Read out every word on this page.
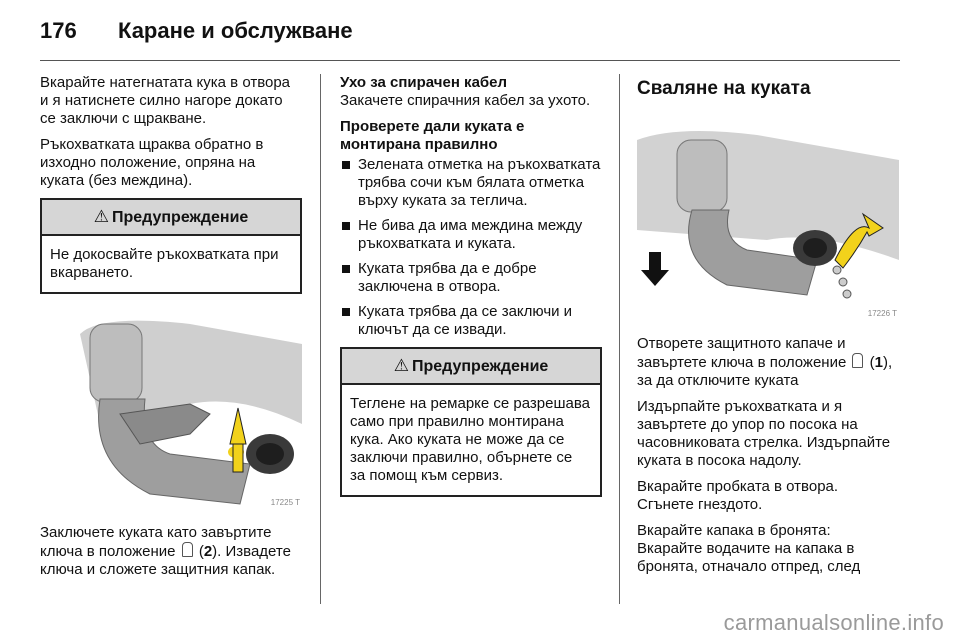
176 Каране и обслужване

Вкарайте натегнатата кука в отвора и я натиснете силно нагоре докато се заключи с щракване.

Ръкохватката щраква обратно в изходно положение, опряна на куката (без междина).

⚠ Предупреждение
Не докосвайте ръкохватката при вкарването.
17225 T

Заключете куката като завъртите ключа в положение  (2). Извадете ключа и сложете защитния капак.

Ухо за спирачен кабел

Закачете спирачния кабел за ухото.

Проверете дали куката е монтирана правилно

Зелената отметка на ръкохватката трябва сочи към бялата отметка върху куката за теглича.
Не бива да има междина между ръкохватката и куката.
Куката трябва да е добре заключена в отвора.
Куката трябва да се заключи и ключът да се извади.
⚠ Предупреждение
Теглене на ремарке се разрешава само при правилно монтирана кука. Ако куката не може да се заключи правилно, обърнете се за помощ към сервиз.
Сваляне на куката
17226 T

Отворете защитното капаче и завъртете ключа в положение  (1), за да отключите куката

Издърпайте ръкохватката и я завъртете до упор по посока на часовниковата стрелка. Издърпайте куката в посока надолу.

Вкарайте пробката в отвора. Сгънете гнездото.

Вкарайте капака в бронята: Вкарайте водачите на капака в бронята, отначало отпред, след

carmanualsonline.info
